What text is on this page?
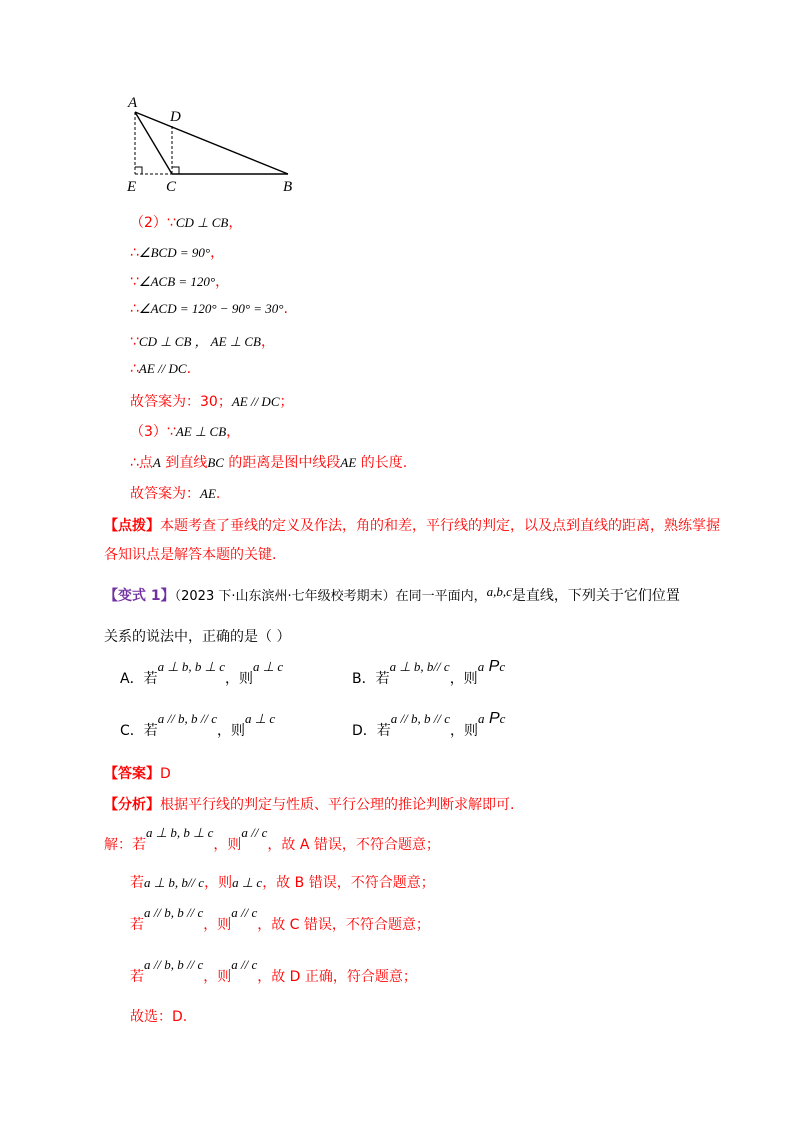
A
D
E C	B
（2）∵CD ⊥ CB，
∴∠BCD = 90°，
∵∠ACB = 120°，
∴∠ACD = 120° − 90° = 30°.
∵CD ⊥ CB ， AE ⊥ CB，
∴AE // DC.
故答案为：30；AE // DC；
（3）∵AE ⊥ CB，
∴点A 到直线BC 的距离是图中线段AE 的长度.
故答案为：AE.
【点拨】本题考查了垂线的定义及作法，角的和差，平行线的判定，以及点到直线的距离，熟练掌握
各知识点是解答本题的关键.
【变式 1】（2023 下·山东滨州·七年级校考期末）在同一平面内，a,b,c是直线，下列关于它们位置
关系的说法中，正确的是（ ）
A．若a ⊥ b, b ⊥ c，则a ⊥ c
B．若a ⊥ b, b// c，则a Pc
C．若a // b, b // c，则a ⊥ c
D．若a // b, b // c，则a Pc
【答案】D
【分析】根据平行线的判定与性质、平行公理的推论判断求解即可.
解：若a ⊥ b, b ⊥ c，则a // c，故 A 错误，不符合题意；
若a ⊥ b, b// c，则a ⊥ c，故 B 错误，不符合题意；
若a // b, b // c，则a // c，故 C 错误，不符合题意；
若a // b, b // c，则a // c，故 D 正确，符合题意；
故选：D.
